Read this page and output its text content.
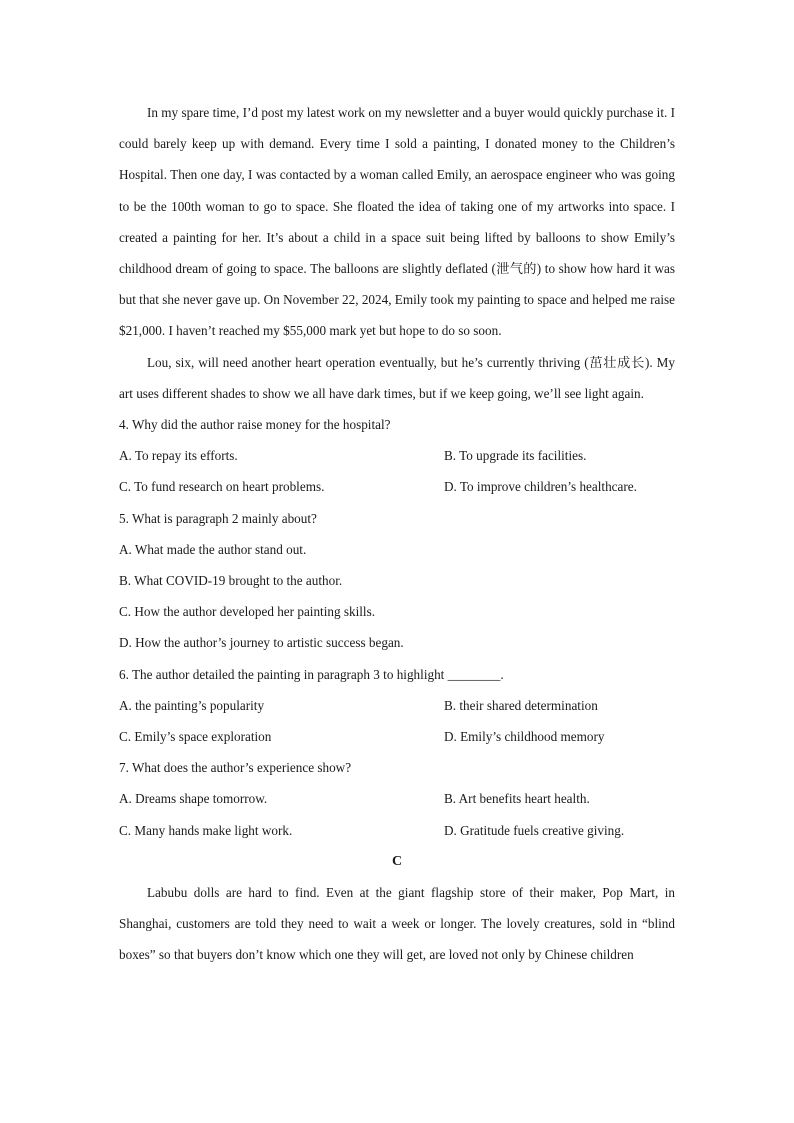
In my spare time, I’d post my latest work on my newsletter and a buyer would quickly purchase it. I could barely keep up with demand. Every time I sold a painting, I donated money to the Children’s Hospital. Then one day, I was contacted by a woman called Emily, an aerospace engineer who was going to be the 100th woman to go to space. She floated the idea of taking one of my artworks into space. I created a painting for her. It’s about a child in a space suit being lifted by balloons to show Emily’s childhood dream of going to space. The balloons are slightly deflated (泄气的) to show how hard it was but that she never gave up. On November 22, 2024, Emily took my painting to space and helped me raise $21,000. I haven’t reached my $55,000 mark yet but hope to do so soon.

Lou, six, will need another heart operation eventually, but he’s currently thriving (茁壮成长). My art uses different shades to show we all have dark times, but if we keep going, we’ll see light again.

4. Why did the author raise money for the hospital?

A. To repay its efforts.	B. To upgrade its facilities.
C. To fund research on heart problems.	D. To improve children’s healthcare.

5. What is paragraph 2 mainly about?

A. What made the author stand out.

B. What COVID-19 brought to the author.

C. How the author developed her painting skills.

D. How the author’s journey to artistic success began.

6. The author detailed the painting in paragraph 3 to highlight ________.

A. the painting’s popularity	B. their shared determination
C. Emily’s space exploration	D. Emily’s childhood memory

7. What does the author’s experience show?

A. Dreams shape tomorrow.	B. Art benefits heart health.
C. Many hands make light work.	D. Gratitude fuels creative giving.

C

Labubu dolls are hard to find. Even at the giant flagship store of their maker, Pop Mart, in Shanghai, customers are told they need to wait a week or longer. The lovely creatures, sold in “blind boxes” so that buyers don’t know which one they will get, are loved not only by Chinese children
